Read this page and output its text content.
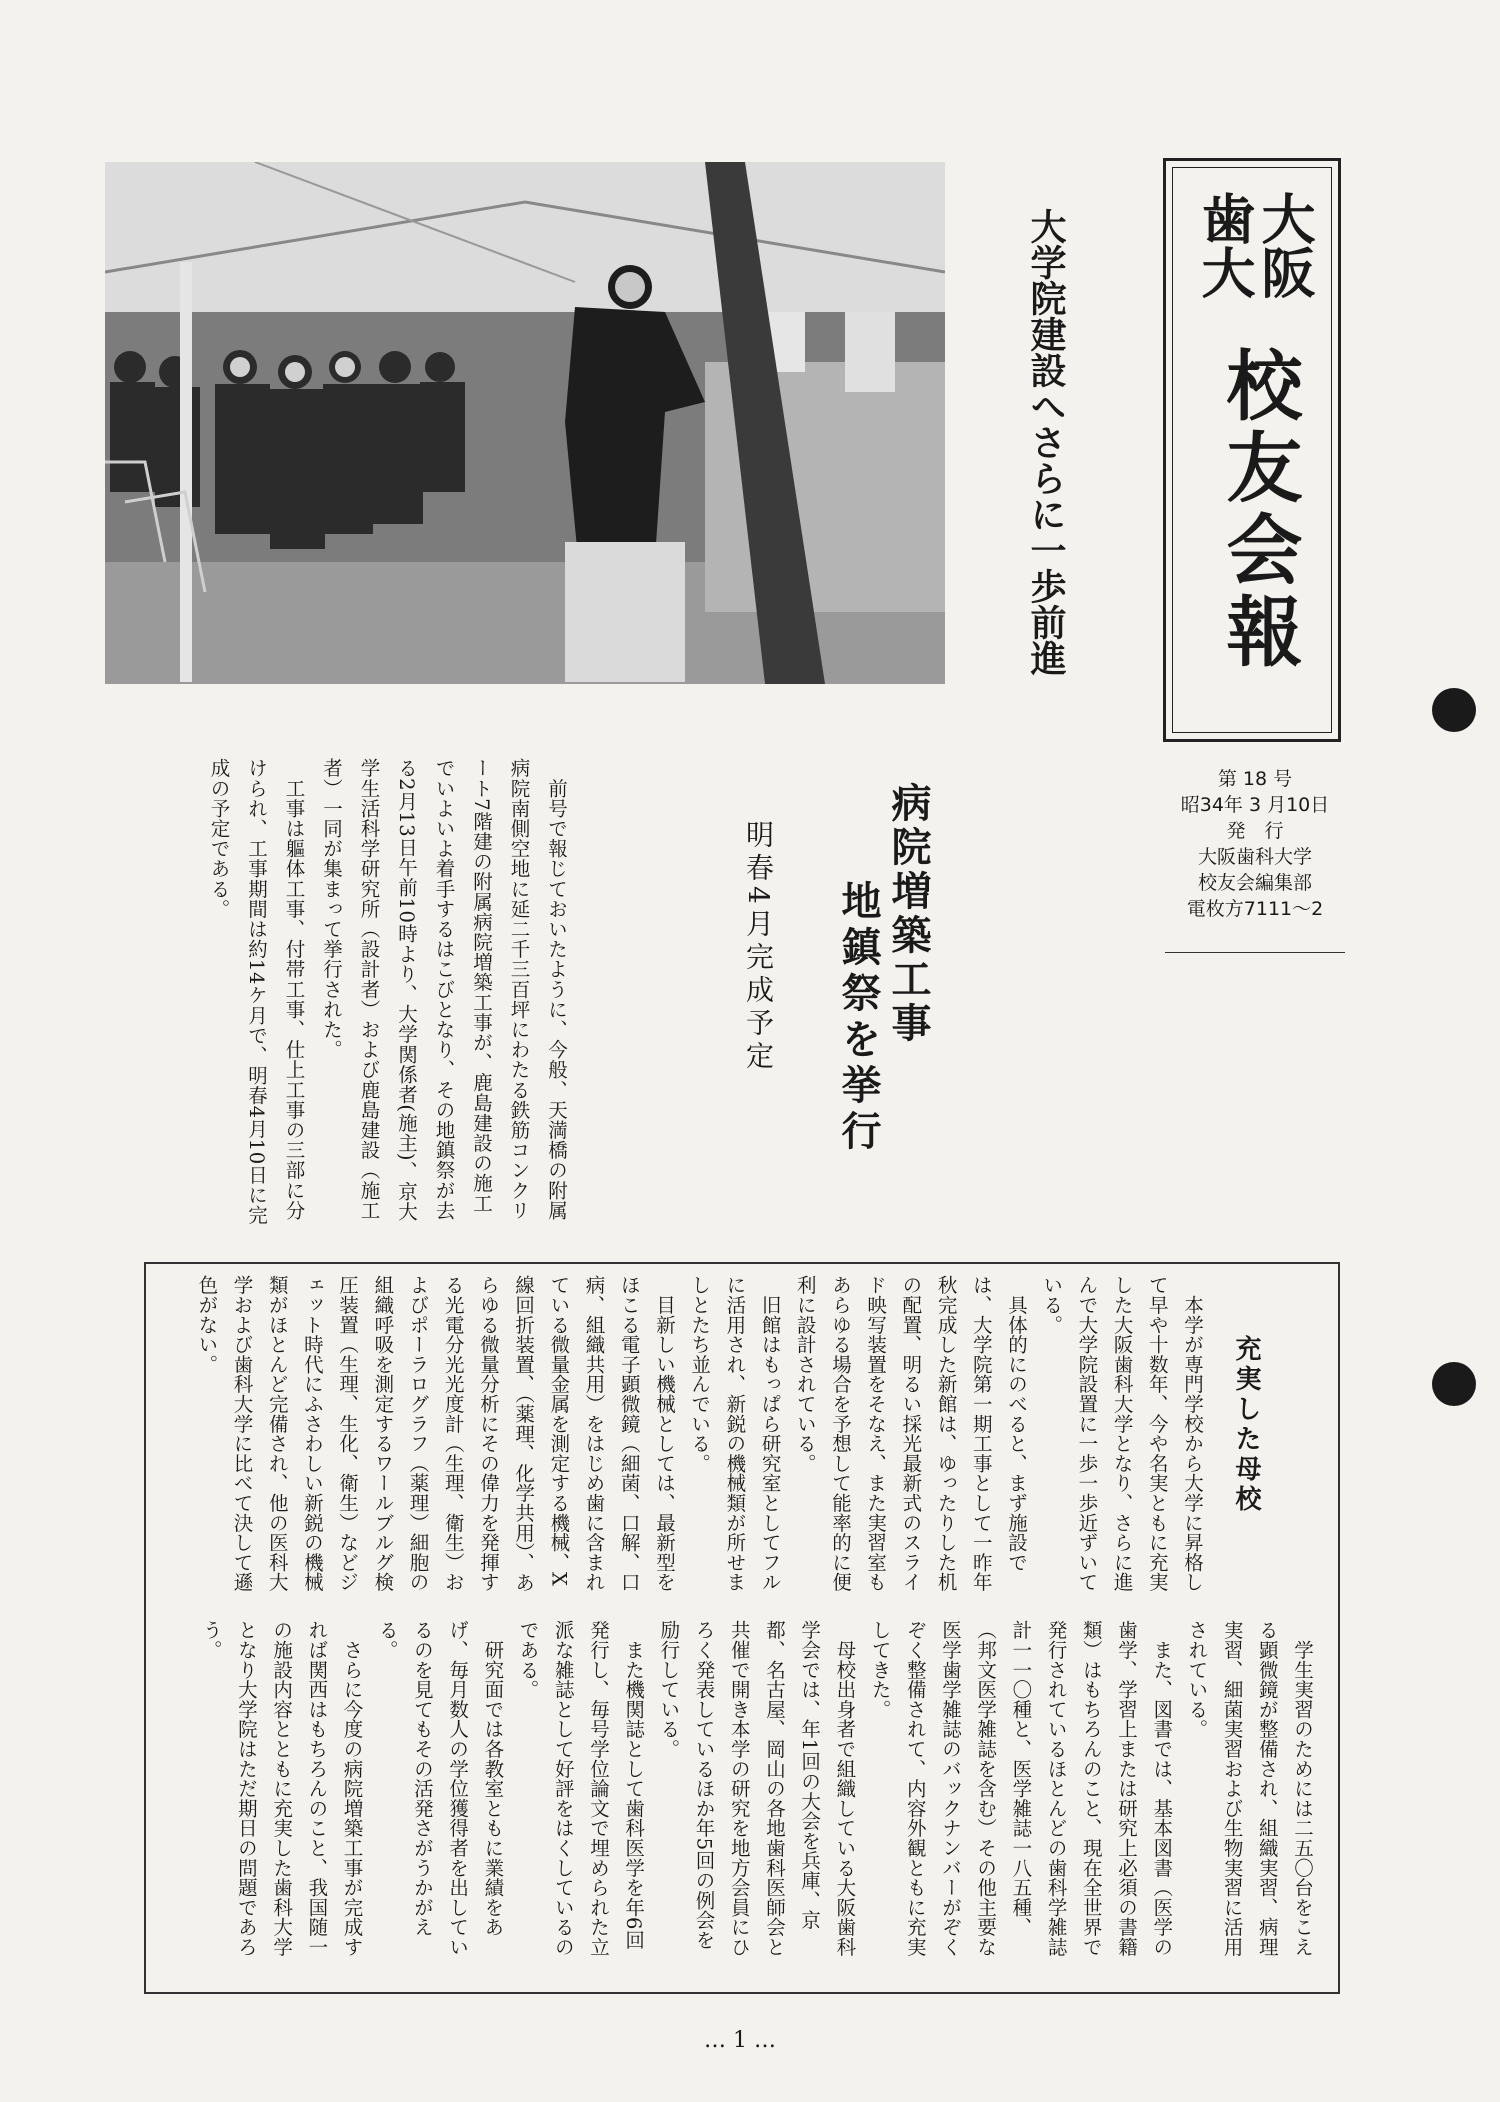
大阪歯大
校友会報
第 18 号
昭34年 3 月10日
発　行
大阪歯科大学
校友会編集部
電枚方7111～2
大学院建設へさらに一歩前進
病院増築工事
地鎮祭を挙行
明春4月完成予定
　前号で報じておいたように、今般、天満橋の附属病院南側空地に延二千三百坪にわたる鉄筋コンクリート7階建の附属病院増築工事が、鹿島建設の施工でいよいよ着手するはこびとなり、その地鎮祭が去る2月13日午前10時より、大学関係者(施主)、京大学生活科学研究所（設計者）および鹿島建設（施工者）一同が集まって挙行された。
　工事は軀体工事、付帯工事、仕上工事の三部に分けられ、工事期間は約14ケ月で、明春4月10日に完成の予定である。
充実した母校
　本学が専門学校から大学に昇格して早や十数年、今や名実ともに充実した大阪歯科大学となり、さらに進んで大学院設置に一歩一歩近ずいている。
　具体的にのべると、まず施設では、大学院第一期工事として一昨年秋完成した新館は、ゆったりした机の配置、明るい採光最新式のスライド映写装置をそなえ、また実習室もあらゆる場合を予想して能率的に便利に設計されている。
　旧館はもっぱら研究室としてフルに活用され、新鋭の機械類が所せましとたち並んでいる。
　目新しい機械としては、最新型をほこる電子顕微鏡（細菌、口解、口病、組織共用）をはじめ歯に含まれている微量金属を測定する機械、X線回折装置、（薬理、化学共用）、あらゆる微量分析にその偉力を発揮する光電分光光度計（生理、衛生）およびポーラログラフ（薬理）細胞の組織呼吸を測定するワールブルグ検圧装置（生理、生化、衛生）などジェット時代にふさわしい新鋭の機械類がほとんど完備され、他の医科大学および歯科大学に比べて決して遜色がない。
　学生実習のためには二五〇台をこえる顕微鏡が整備され、組織実習、病理実習、細菌実習および生物実習に活用されている。
　また、図書では、基本図書（医学の歯学、学習上または研究上必須の書籍類）はもちろんのこと、現在全世界で発行されているほとんどの歯科学雑誌計一一〇種と、医学雑誌一八五種、（邦文医学雑誌を含む）その他主要な医学歯学雑誌のバックナンバーがぞくぞく整備されて、内容外観ともに充実してきた。
　母校出身者で組織している大阪歯科学会では、年1回の大会を兵庫、京都、名古屋、岡山の各地歯科医師会と共催で開き本学の研究を地方会員にひろく発表しているほか年5回の例会を励行している。
　また機関誌として歯科医学を年6回発行し、毎号学位論文で埋められた立派な雑誌として好評をはくしているのである。
　研究面では各教室ともに業績をあげ、毎月数人の学位獲得者を出しているのを見てもその活発さがうかがえる。
　さらに今度の病院増築工事が完成すれば関西はもちろんのこと、我国随一の施設内容とともに充実した歯科大学となり大学院はただ期日の問題であろう。
… 1 …
